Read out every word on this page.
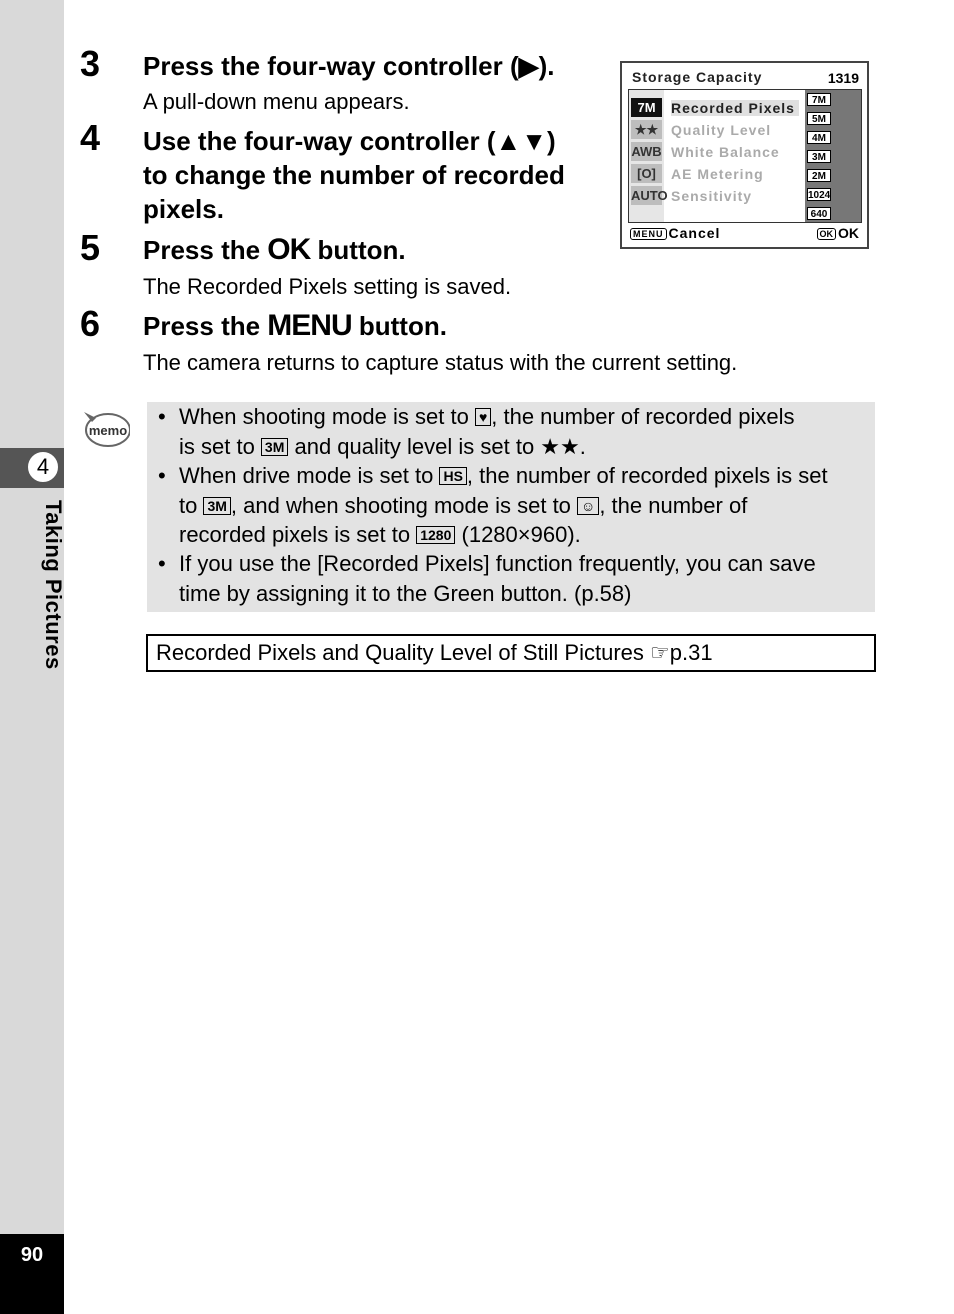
4
Taking Pictures
90
3 Press the four-way controller (▶).
A pull-down menu appears.
4 Use the four-way controller (▲▼)
to change the number of recorded
pixels.
5 Press the OK button.
The Recorded Pixels setting is saved.
6 Press the MENU button.
The camera returns to capture status with the current setting.
Storage Capacity	1319
7M
★★
AWB
[O]
AUTO
Recorded Pixels
Quality Level
White Balance
AE Metering
Sensitivity
7M
5M
4M
3M
2M
1024
640
MENU Cancel	OK OK
memo
• When shooting mode is set to ♥ , the number of recorded pixels
is set to 3M and quality level is set to ★★.
• When drive mode is set to HS , the number of recorded pixels is set
to 3M , and when shooting mode is set to ☺ , the number of
recorded pixels is set to 1280 (1280×960).
• If you use the [Recorded Pixels] function frequently, you can save
time by assigning it to the Green button. (p.58)
Recorded Pixels and Quality Level of Still Pictures ☞p.31
